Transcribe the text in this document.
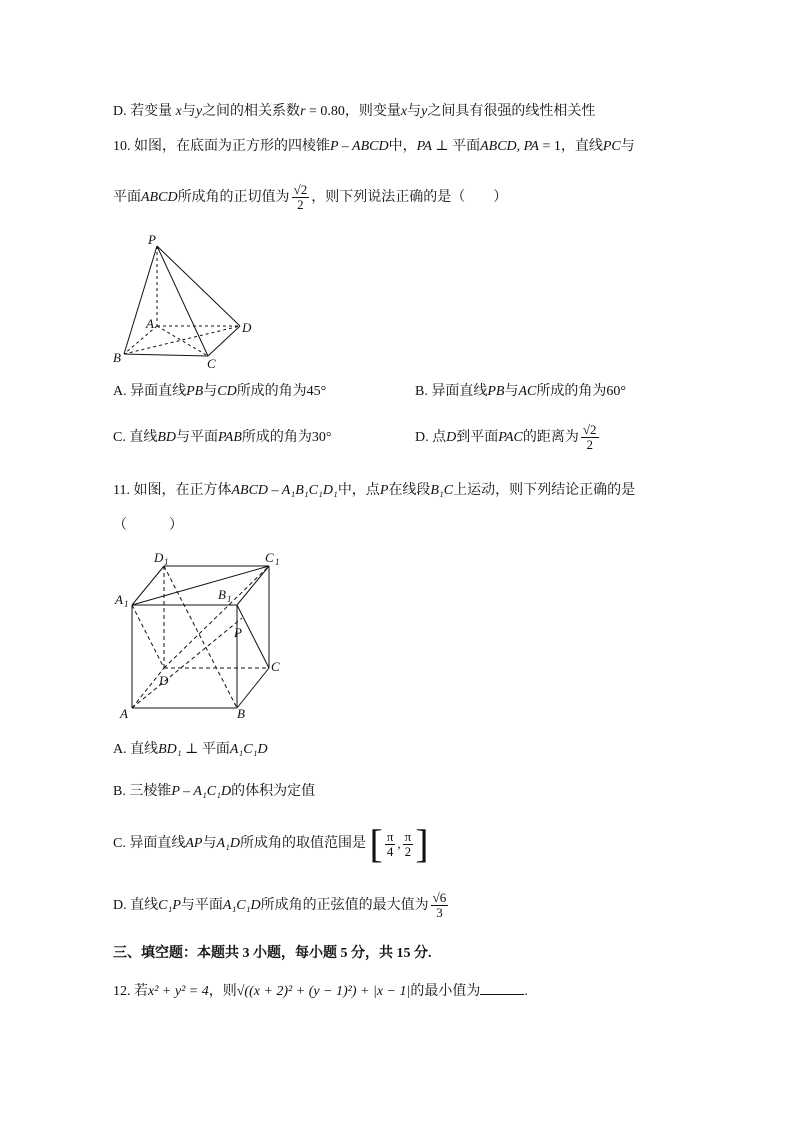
D. 若变量 x与y之间的相关系数r = 0.80，则变量x与y之间具有很强的线性相关性
10. 如图，在底面为正方形的四棱锥P – ABCD中，PA ⊥ 平面ABCD, PA = 1，直线PC与
平面ABCD所成角的正切值为 $\frac{√2}{2}$ ，则下列说法正确的是（　　）
P
A
B	C
D
A. 异面直线PB与CD所成的角为45°	B. 异面直线PB与AC所成的角为60°
C. 直线BD与平面PAB所成的角为30°	D. 点D到平面PAC的距离为 $\frac{√2}{2}$
11. 如图，在正方体ABCD – A₁B₁C₁D₁中，点P在线段B₁C上运动，则下列结论正确的是
（　　　）
D 1	C 1
A 1
B 1
P
D
C
A	B
A. 直线BD₁ ⊥ 平面A₁C₁D
B. 三棱锥P – A₁C₁D的体积为定值
C. 异面直线AP与A₁D所成角的取值范围是 [ $\frac{\pi}{4}$ , $\frac{\pi}{2}$ ]
D. 直线C₁P与平面A₁C₁D所成角的正弦值的最大值为 $\frac{√6}{3}$
三、填空题：本题共 3 小题，每小题 5 分，共 15 分.
12. 若x² + y² = 4，则√((x + 2)² + (y − 1)²) + |x − 1|的最小值为	.
